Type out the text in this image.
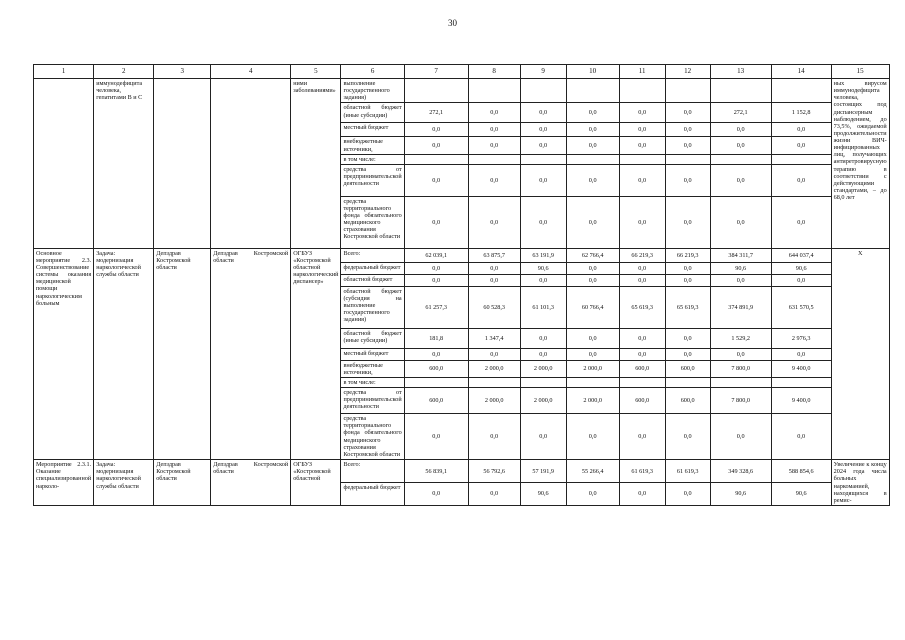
30
1	2	3	4	5	6	7	8	9	10	11	12	13	14	15
	иммунодефицита человека, гепатитами В и С			ними заболеваниями»	выполнение государственного задания)									ных вирусом иммунодефицита человека, состоящих под диспансерным наблюдением, до 73,5%, ожидаемой продолжительности жизни ВИЧ-инфицированных лиц, получающих антиретровирусную терапию в соответствии с действующими стандартами, – до 68,0 лет
					областной бюджет (иные субсидии)	272,1	0,0	0,0	0,0	0,0	0,0	272,1	1 152,8	
					местный бюджет	0,0	0,0	0,0	0,0	0,0	0,0	0,0	0,0	
					внебюджетные источники,	0,0	0,0	0,0	0,0	0,0	0,0	0,0	0,0	
					в том числе:									
					средства от предпринимательской деятельности	0,0	0,0	0,0	0,0	0,0	0,0	0,0	0,0	
					средства территориального фонда обязательного медицинского страхования Костромской области	0,0	0,0	0,0	0,0	0,0	0,0	0,0	0,0	
Основное мероприятие 2.3. Совершенствование системы оказания медицинской помощи наркологическим больным	Задача: модернизация наркологической службы области	Депздрав Костромской области	Депздрав Костромской области	ОГБУЗ «Костромской областной наркологический диспансер»	Всего:	62 039,1	63 875,7	63 191,9	62 766,4	66 219,3	66 219,3	384 311,7	644 037,4	Х
					федеральный бюджет	0,0	0,0	90,6	0,0	0,0	0,0	90,6	90,6	
					областной бюджет	0,0	0,0	0,0	0,0	0,0	0,0	0,0	0,0	
					областной бюджет (субсидия на выполнение государственного задания)	61 257,3	60 528,3	61 101,3	60 766,4	65 619,3	65 619,3	374 891,9	631 570,5	
					областной бюджет (иные субсидии)	181,8	1 347,4	0,0	0,0	0,0	0,0	1 529,2	2 976,3	
					местный бюджет	0,0	0,0	0,0	0,0	0,0	0,0	0,0	0,0	
					внебюджетные источники,	600,0	2 000,0	2 000,0	2 000,0	600,0	600,0	7 800,0	9 400,0	
					в том числе:									
					средства от предпринимательской деятельности	600,0	2 000,0	2 000,0	2 000,0	600,0	600,0	7 800,0	9 400,0	
					средства территориального фонда обязательного медицинского страхования Костромской области	0,0	0,0	0,0	0,0	0,0	0,0	0,0	0,0	
Мероприятие 2.3.1. Оказание специализированной нарколо-	Задача: модернизация наркологической службы области	Депздрав Костромской области	Депздрав Костромской области	ОГБУЗ «Костромской областной	Всего:	56 839,1	56 792,6	57 191,9	55 266,4	61 619,3	61 619,3	349 328,6	588 854,6	Увеличение к концу 2024 года числа больных наркоманией, находящихся в ремис-
					федеральный бюджет	0,0	0,0	90,6	0,0	0,0	0,0	90,6	90,6	
